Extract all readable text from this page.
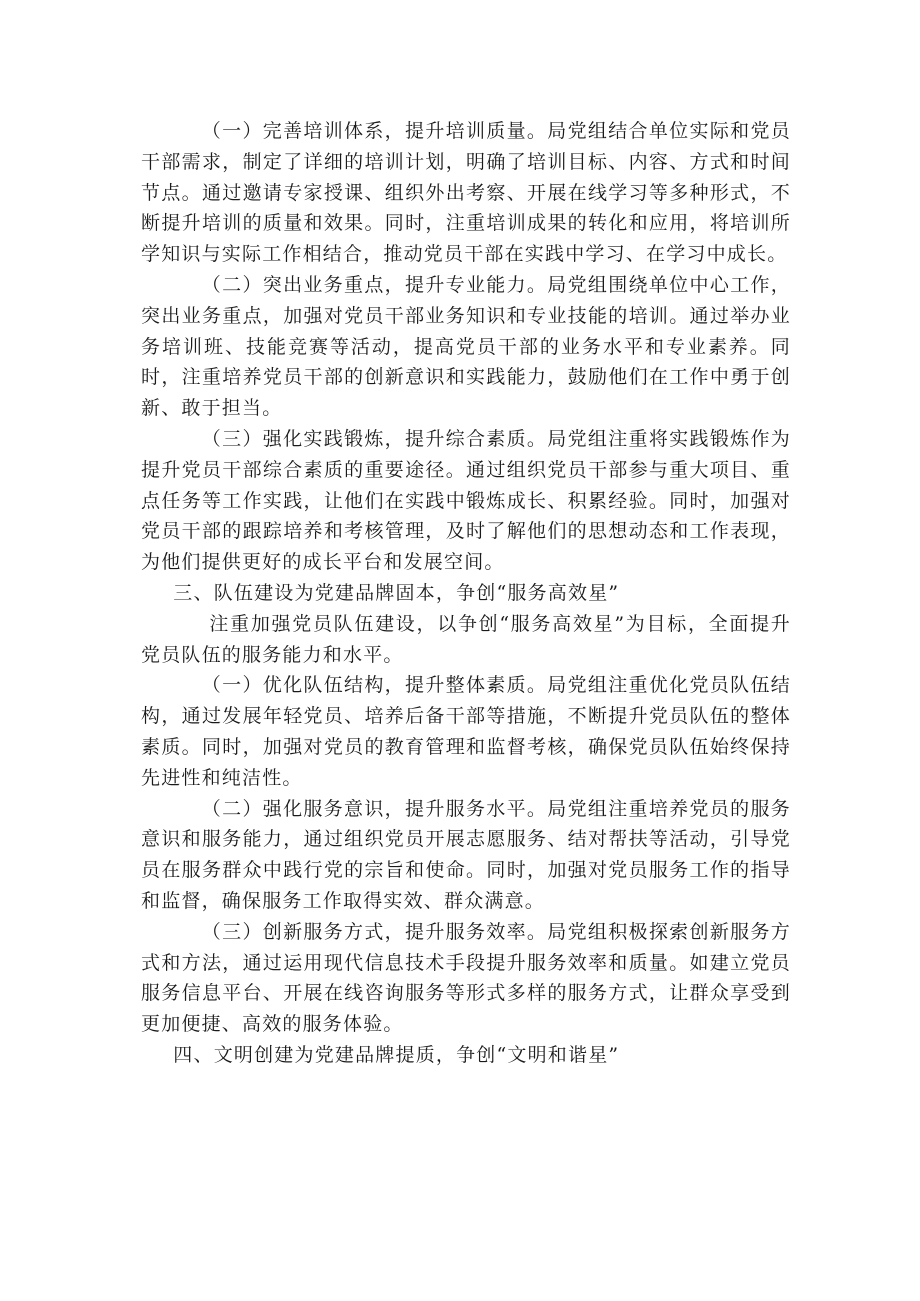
（一）完善培训体系，提升培训质量。局党组结合单位实际和党员干部需求，制定了详细的培训计划，明确了培训目标、内容、方式和时间节点。通过邀请专家授课、组织外出考察、开展在线学习等多种形式，不断提升培训的质量和效果。同时，注重培训成果的转化和应用，将培训所学知识与实际工作相结合，推动党员干部在实践中学习、在学习中成长。

（二）突出业务重点，提升专业能力。局党组围绕单位中心工作，突出业务重点，加强对党员干部业务知识和专业技能的培训。通过举办业务培训班、技能竞赛等活动，提高党员干部的业务水平和专业素养。同时，注重培养党员干部的创新意识和实践能力，鼓励他们在工作中勇于创新、敢于担当。

（三）强化实践锻炼，提升综合素质。局党组注重将实践锻炼作为提升党员干部综合素质的重要途径。通过组织党员干部参与重大项目、重点任务等工作实践，让他们在实践中锻炼成长、积累经验。同时，加强对党员干部的跟踪培养和考核管理，及时了解他们的思想动态和工作表现，为他们提供更好的成长平台和发展空间。

三、队伍建设为党建品牌固本，争创“服务高效星”

注重加强党员队伍建设，以争创“服务高效星”为目标，全面提升党员队伍的服务能力和水平。

（一）优化队伍结构，提升整体素质。局党组注重优化党员队伍结构，通过发展年轻党员、培养后备干部等措施，不断提升党员队伍的整体素质。同时，加强对党员的教育管理和监督考核，确保党员队伍始终保持先进性和纯洁性。

（二）强化服务意识，提升服务水平。局党组注重培养党员的服务意识和服务能力，通过组织党员开展志愿服务、结对帮扶等活动，引导党员在服务群众中践行党的宗旨和使命。同时，加强对党员服务工作的指导和监督，确保服务工作取得实效、群众满意。

（三）创新服务方式，提升服务效率。局党组积极探索创新服务方式和方法，通过运用现代信息技术手段提升服务效率和质量。如建立党员服务信息平台、开展在线咨询服务等形式多样的服务方式，让群众享受到更加便捷、高效的服务体验。

四、文明创建为党建品牌提质，争创“文明和谐星”
